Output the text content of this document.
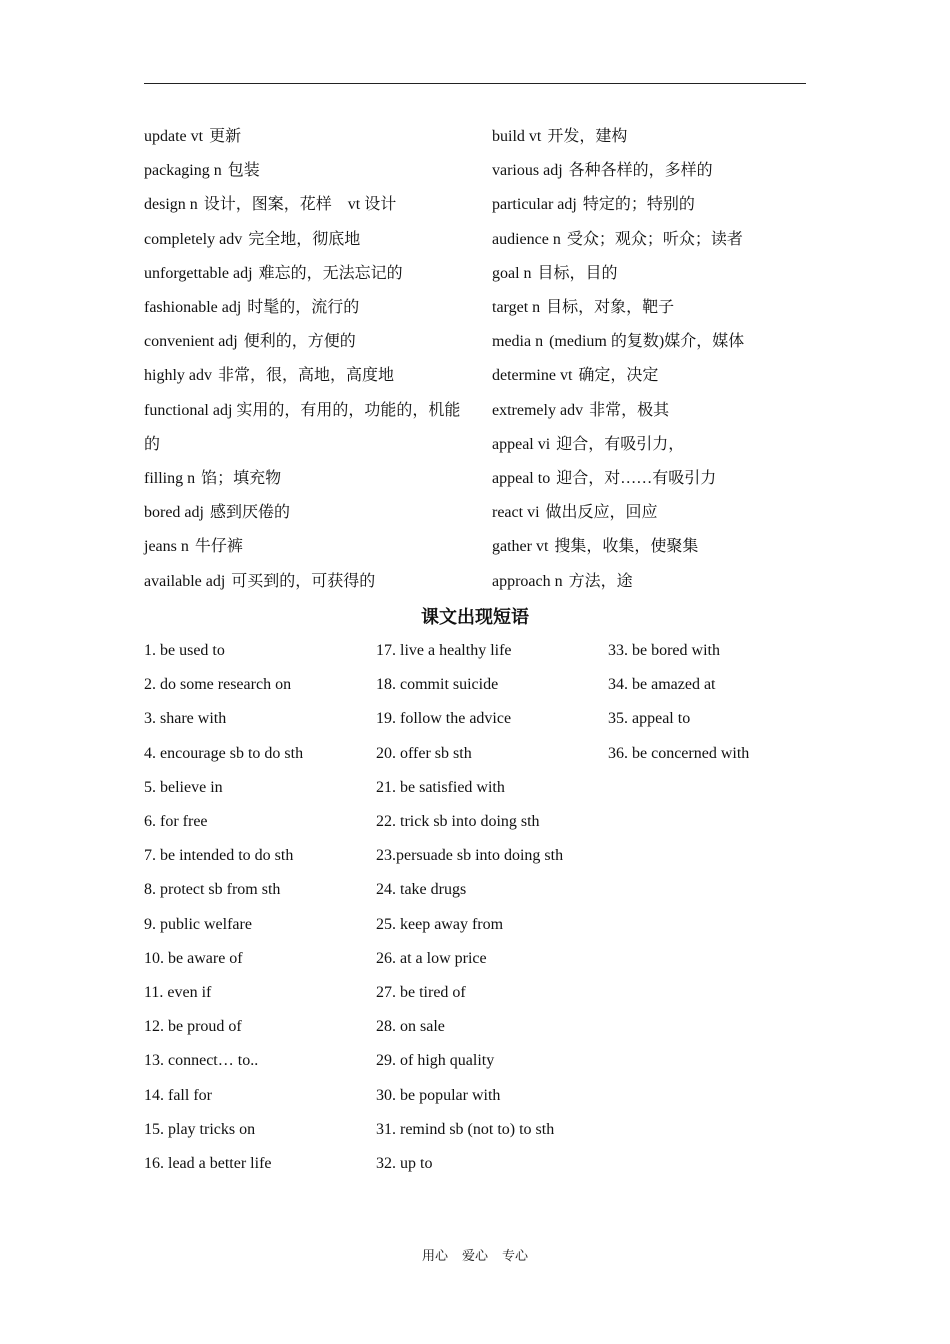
update vt 更新
packaging n 包装
design n 设计，图案，花样　vt 设计
completely adv 完全地，彻底地
unforgettable adj 难忘的，无法忘记的
fashionable adj 时髦的，流行的
convenient adj 便利的，方便的
highly adv 非常，很，高地，高度地
functional adj 实用的，有用的，功能的，机能的
filling n 馅；填充物
bored adj 感到厌倦的
jeans n 牛仔裤
available adj 可买到的，可获得的
build vt 开发，建构
various adj 各种各样的，多样的
particular adj 特定的；特别的
audience n 受众；观众；听众；读者
goal n 目标，目的
target n 目标，对象，靶子
media n (medium 的复数)媒介，媒体
determine vt 确定，决定
extremely adv 非常，极其
appeal vi 迎合，有吸引力，
appeal to 迎合，对……有吸引力
react vi 做出反应，回应
gather vt 搜集，收集，使聚集
approach n 方法，途
课文出现短语
1. be used to
2. do some research on
3. share with
4. encourage sb to do sth
5. believe in
6. for free
7. be intended to do sth
8. protect sb from sth
9. public welfare
10. be aware of
11. even if
12. be proud of
13. connect… to..
14. fall for
15. play tricks on
16. lead a better life
17. live a healthy life
18. commit suicide
19. follow the advice
20. offer sb sth
21. be satisfied with
22. trick sb into doing sth
23.persuade sb into doing sth
24. take drugs
25. keep away from
26. at a low price
27. be tired of
28. on sale
29. of high quality
30. be popular with
31. remind sb (not to) to sth
32. up to
33. be bored with
34. be amazed at
35. appeal to
36. be concerned with
用心 爱心 专心
